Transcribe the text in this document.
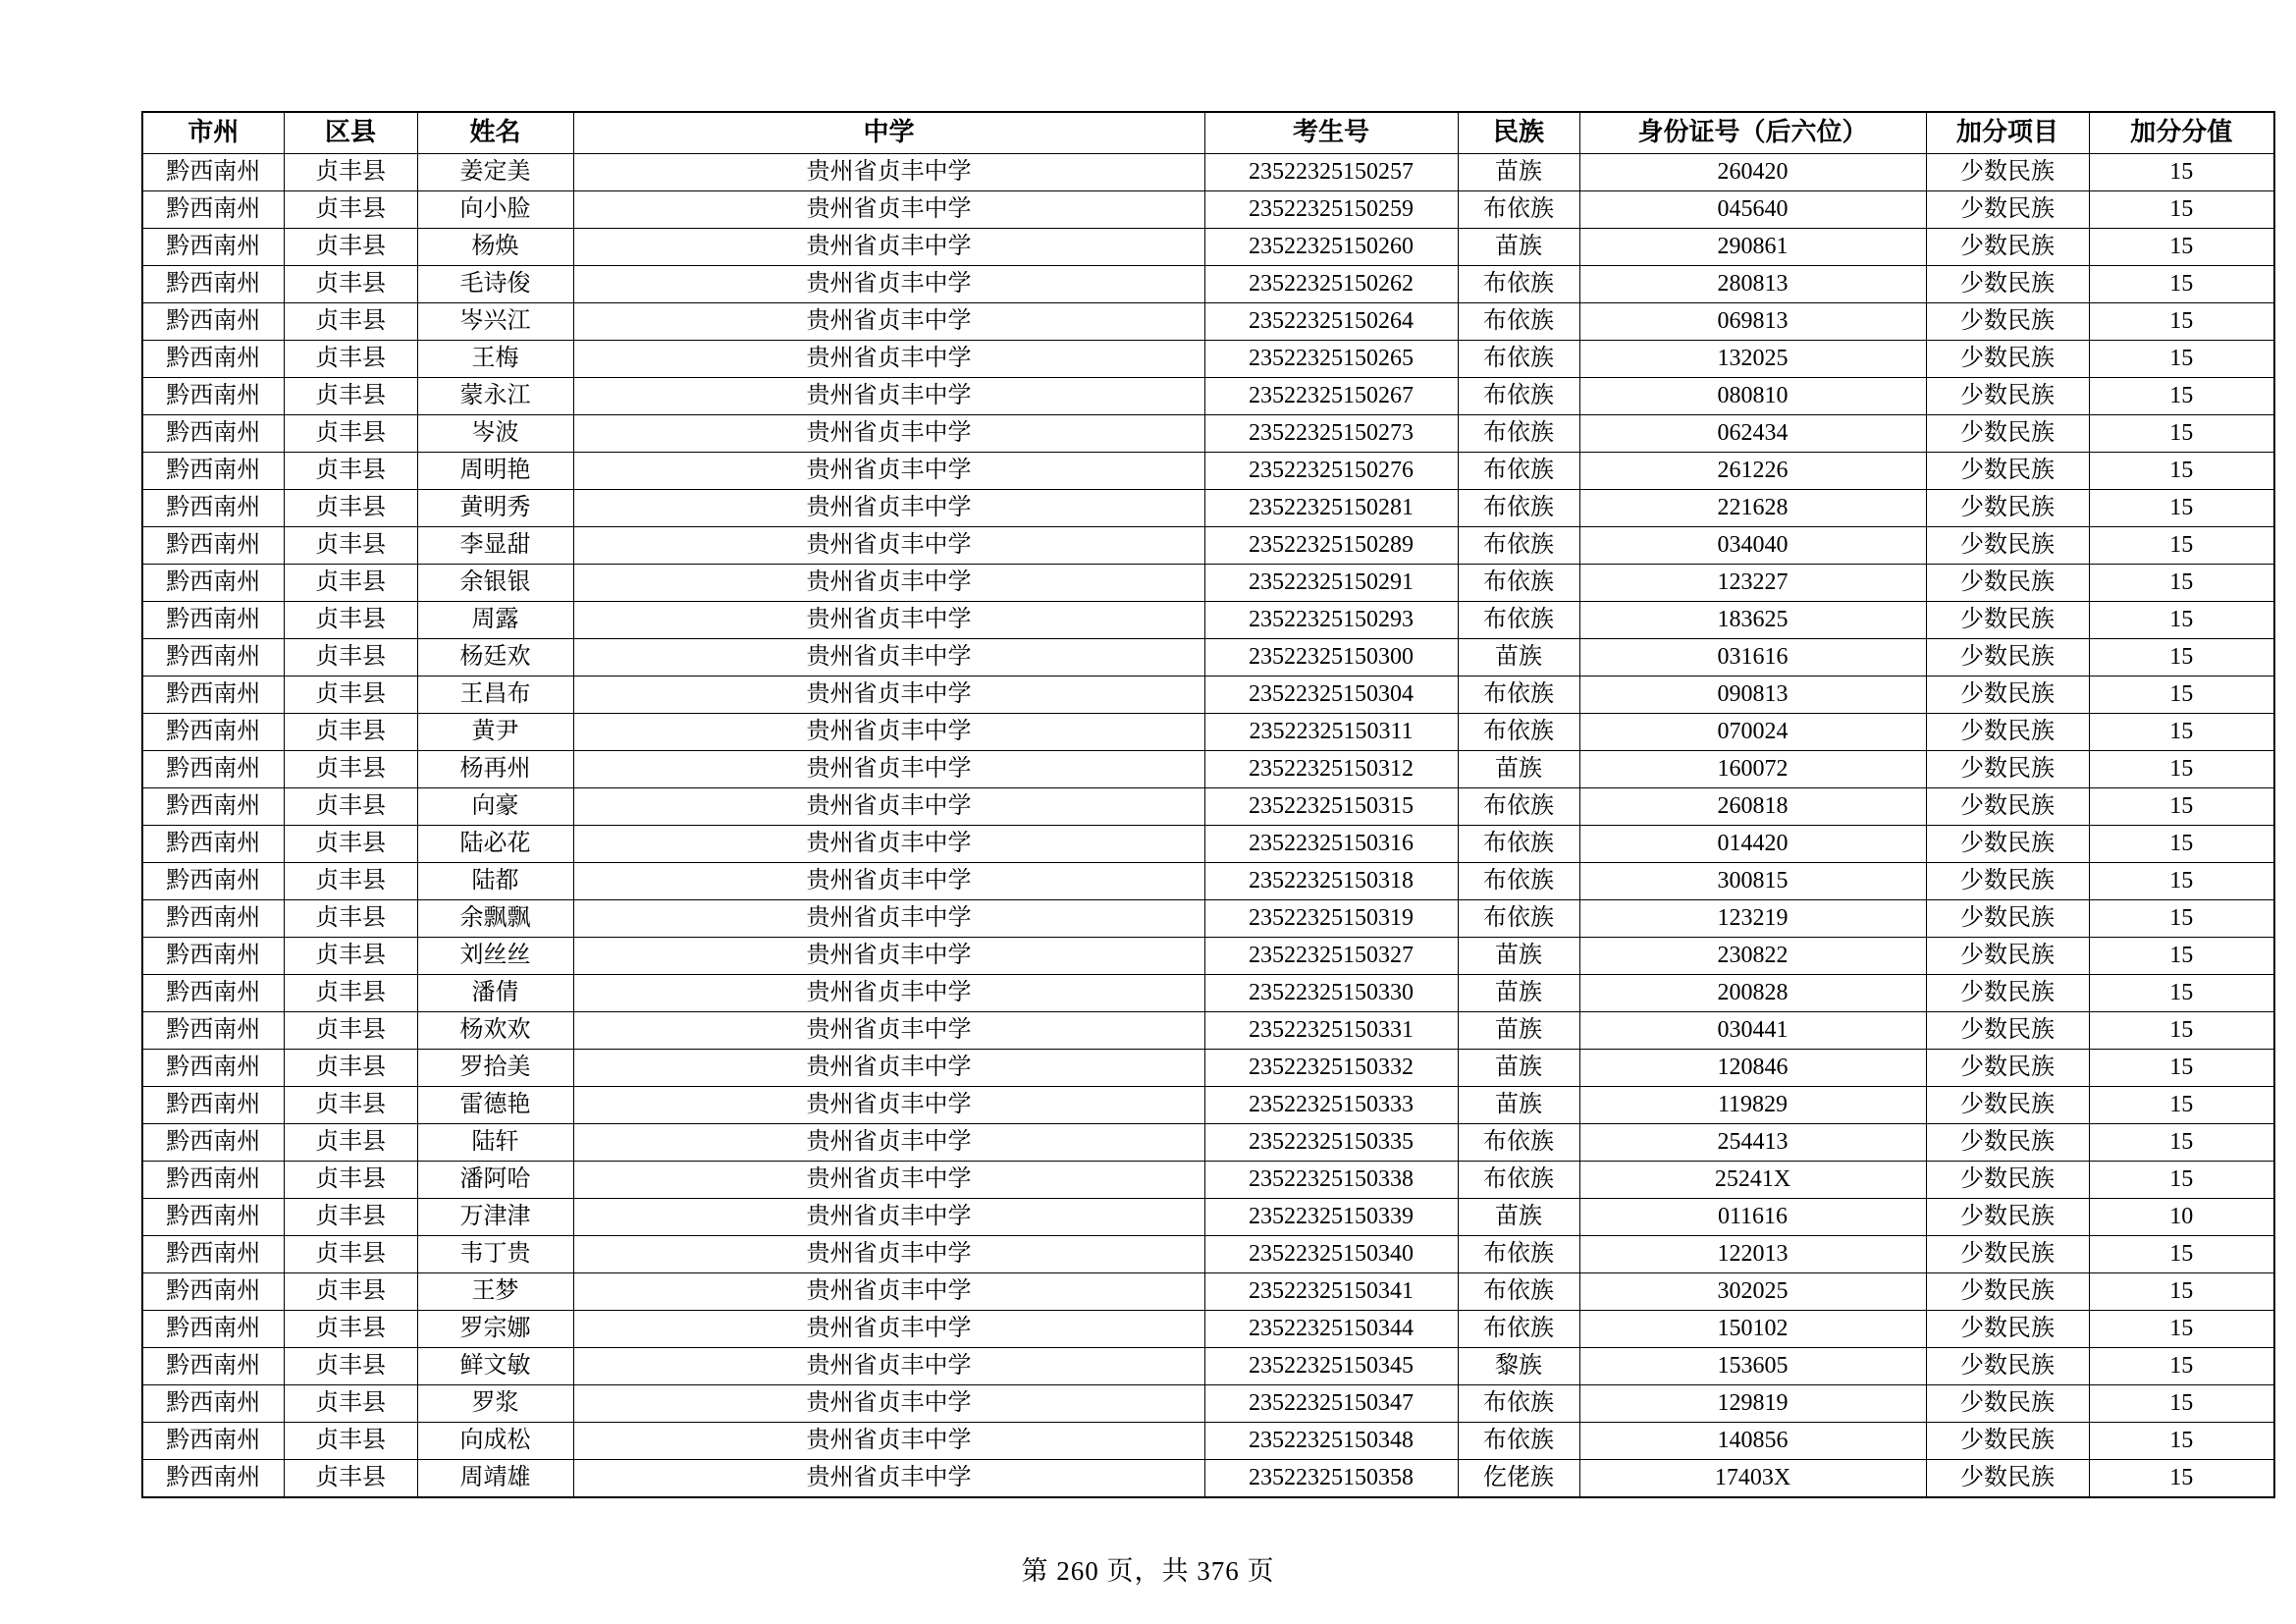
市州	区县	姓名	中学	考生号	民族	身份证号（后六位）	加分项目	加分分值
黔西南州	贞丰县	姜定美	贵州省贞丰中学	23522325150257	苗族	260420	少数民族	15
黔西南州	贞丰县	向小脸	贵州省贞丰中学	23522325150259	布依族	045640	少数民族	15
黔西南州	贞丰县	杨焕	贵州省贞丰中学	23522325150260	苗族	290861	少数民族	15
黔西南州	贞丰县	毛诗俊	贵州省贞丰中学	23522325150262	布依族	280813	少数民族	15
黔西南州	贞丰县	岑兴江	贵州省贞丰中学	23522325150264	布依族	069813	少数民族	15
黔西南州	贞丰县	王梅	贵州省贞丰中学	23522325150265	布依族	132025	少数民族	15
黔西南州	贞丰县	蒙永江	贵州省贞丰中学	23522325150267	布依族	080810	少数民族	15
黔西南州	贞丰县	岑波	贵州省贞丰中学	23522325150273	布依族	062434	少数民族	15
黔西南州	贞丰县	周明艳	贵州省贞丰中学	23522325150276	布依族	261226	少数民族	15
黔西南州	贞丰县	黄明秀	贵州省贞丰中学	23522325150281	布依族	221628	少数民族	15
黔西南州	贞丰县	李显甜	贵州省贞丰中学	23522325150289	布依族	034040	少数民族	15
黔西南州	贞丰县	余银银	贵州省贞丰中学	23522325150291	布依族	123227	少数民族	15
黔西南州	贞丰县	周露	贵州省贞丰中学	23522325150293	布依族	183625	少数民族	15
黔西南州	贞丰县	杨廷欢	贵州省贞丰中学	23522325150300	苗族	031616	少数民族	15
黔西南州	贞丰县	王昌布	贵州省贞丰中学	23522325150304	布依族	090813	少数民族	15
黔西南州	贞丰县	黄尹	贵州省贞丰中学	23522325150311	布依族	070024	少数民族	15
黔西南州	贞丰县	杨再州	贵州省贞丰中学	23522325150312	苗族	160072	少数民族	15
黔西南州	贞丰县	向豪	贵州省贞丰中学	23522325150315	布依族	260818	少数民族	15
黔西南州	贞丰县	陆必花	贵州省贞丰中学	23522325150316	布依族	014420	少数民族	15
黔西南州	贞丰县	陆都	贵州省贞丰中学	23522325150318	布依族	300815	少数民族	15
黔西南州	贞丰县	余飘飘	贵州省贞丰中学	23522325150319	布依族	123219	少数民族	15
黔西南州	贞丰县	刘丝丝	贵州省贞丰中学	23522325150327	苗族	230822	少数民族	15
黔西南州	贞丰县	潘倩	贵州省贞丰中学	23522325150330	苗族	200828	少数民族	15
黔西南州	贞丰县	杨欢欢	贵州省贞丰中学	23522325150331	苗族	030441	少数民族	15
黔西南州	贞丰县	罗拾美	贵州省贞丰中学	23522325150332	苗族	120846	少数民族	15
黔西南州	贞丰县	雷德艳	贵州省贞丰中学	23522325150333	苗族	119829	少数民族	15
黔西南州	贞丰县	陆轩	贵州省贞丰中学	23522325150335	布依族	254413	少数民族	15
黔西南州	贞丰县	潘阿哈	贵州省贞丰中学	23522325150338	布依族	25241X	少数民族	15
黔西南州	贞丰县	万津津	贵州省贞丰中学	23522325150339	苗族	011616	少数民族	10
黔西南州	贞丰县	韦丁贵	贵州省贞丰中学	23522325150340	布依族	122013	少数民族	15
黔西南州	贞丰县	王梦	贵州省贞丰中学	23522325150341	布依族	302025	少数民族	15
黔西南州	贞丰县	罗宗娜	贵州省贞丰中学	23522325150344	布依族	150102	少数民族	15
黔西南州	贞丰县	鲜文敏	贵州省贞丰中学	23522325150345	黎族	153605	少数民族	15
黔西南州	贞丰县	罗浆	贵州省贞丰中学	23522325150347	布依族	129819	少数民族	15
黔西南州	贞丰县	向成松	贵州省贞丰中学	23522325150348	布依族	140856	少数民族	15
黔西南州	贞丰县	周靖雄	贵州省贞丰中学	23522325150358	仡佬族	17403X	少数民族	15
第 260 页，共 376 页
